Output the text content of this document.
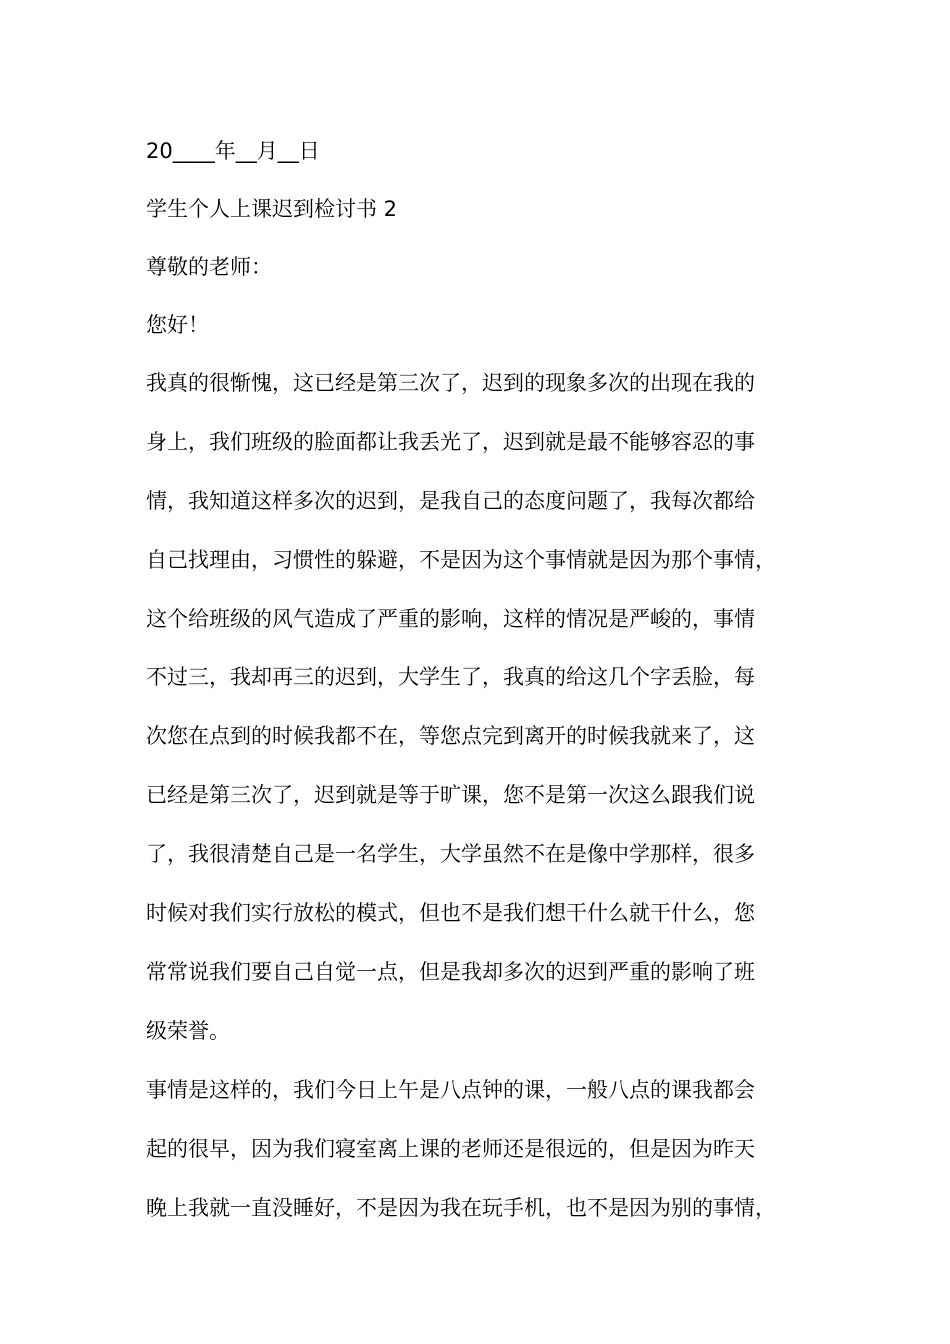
20____年__月__日
学生个人上课迟到检讨书 2
尊敬的老师：
您好！
我真的很惭愧，这已经是第三次了，迟到的现象多次的出现在我的
身上，我们班级的脸面都让我丢光了，迟到就是最不能够容忍的事
情，我知道这样多次的迟到，是我自己的态度问题了，我每次都给
自己找理由，习惯性的躲避，不是因为这个事情就是因为那个事情，
这个给班级的风气造成了严重的影响，这样的情况是严峻的，事情
不过三，我却再三的迟到，大学生了，我真的给这几个字丢脸，每
次您在点到的时候我都不在，等您点完到离开的时候我就来了，这
已经是第三次了，迟到就是等于旷课，您不是第一次这么跟我们说
了，我很清楚自己是一名学生，大学虽然不在是像中学那样，很多
时候对我们实行放松的模式，但也不是我们想干什么就干什么，您
常常说我们要自己自觉一点，但是我却多次的迟到严重的影响了班
级荣誉。
事情是这样的，我们今日上午是八点钟的课，一般八点的课我都会
起的很早，因为我们寝室离上课的老师还是很远的，但是因为昨天
晚上我就一直没睡好，不是因为我在玩手机，也不是因为别的事情，
